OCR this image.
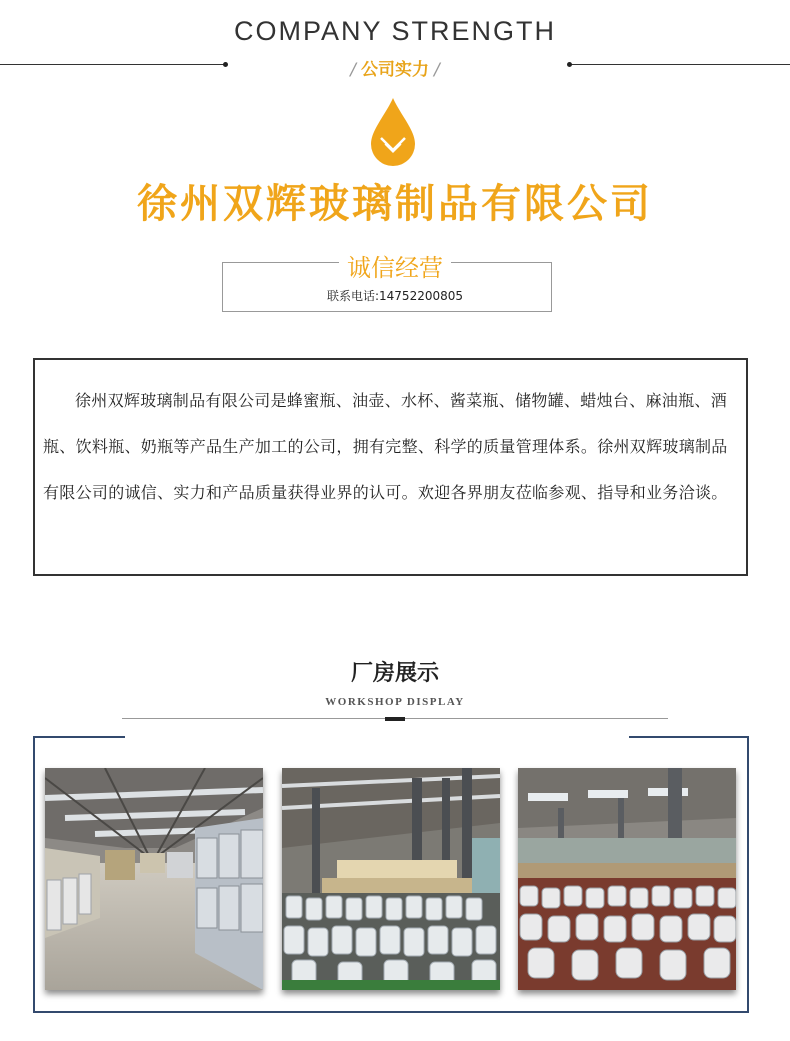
COMPANY STRENGTH
/ 公司实力 /
徐州双辉玻璃制品有限公司
诚信经营
联系电话:14752200805

徐州双辉玻璃制品有限公司是蜂蜜瓶、油壶、水杯、酱菜瓶、储物罐、蜡烛台、麻油瓶、酒瓶、饮料瓶、奶瓶等产品生产加工的公司，拥有完整、科学的质量管理体系。徐州双辉玻璃制品有限公司的诚信、实力和产品质量获得业界的认可。欢迎各界朋友莅临参观、指导和业务洽谈。

厂房展示
WORKSHOP DISPLAY
